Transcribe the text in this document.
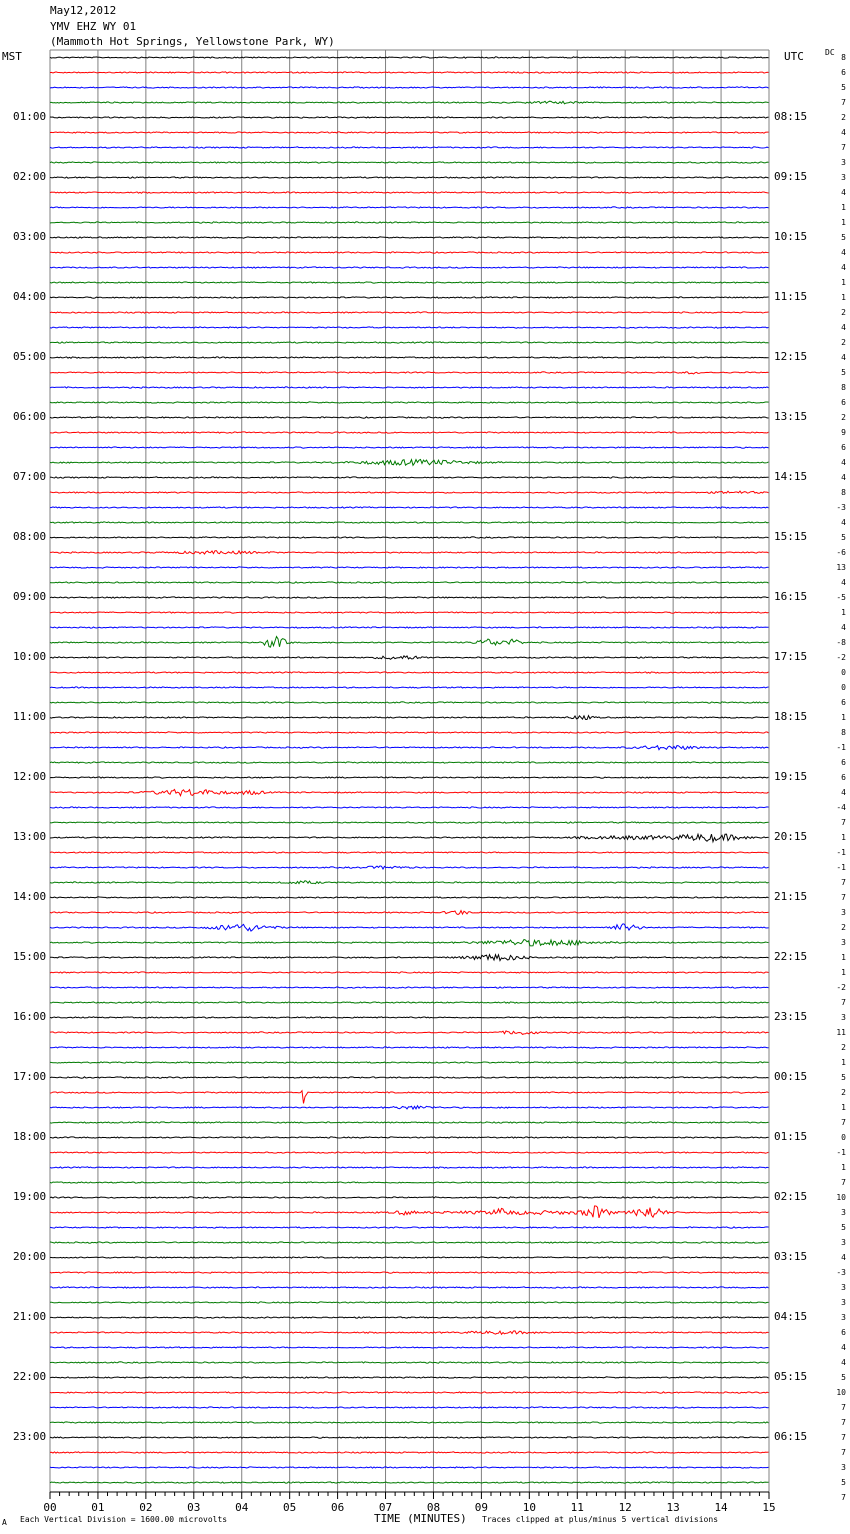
00	01	02	03	04	05	06	07	08	09	10	11	12	13	14	15
May12,2012
YMV EHZ WY 01
(Mammoth Hot Springs, Yellowstone Park, WY)
MST	UTC	DC
01:00
02:00
03:00
04:00
05:00
06:00
07:00
08:00
09:00
10:00
11:00
12:00
13:00
14:00
15:00
16:00
17:00
18:00
19:00
20:00
21:00
22:00
23:00
08:15
09:15
10:15
11:15
12:15
13:15
14:15
15:15
16:15
17:15
18:15
19:15
20:15
21:15
22:15
23:15
00:15
01:15
02:15
03:15
04:15
05:15
06:15
8
6
5
7
2
4
7
3
3
4
1
1
5
4
4
1
1
2
4
2
4
5
8
6
2
9
6
4
4
8
-3
4
5
-6
13
4
-5
1
4
-8
-2
0
0
6
1
8
-1
6
6
4
-4
7
1
-1
-1
7
7
3
2
3
1
1
-2
7
3
11
2
1
5
2
1
7
0
-1
1
7
10
3
5
3
4
-3
3
3
3
6
4
4
5
10
7
7
7
7
3
5
7
A Each Vertical Division = 1600.00 microvolts	TIME (MINUTES) Traces clipped at plus/minus 5 vertical divisions
